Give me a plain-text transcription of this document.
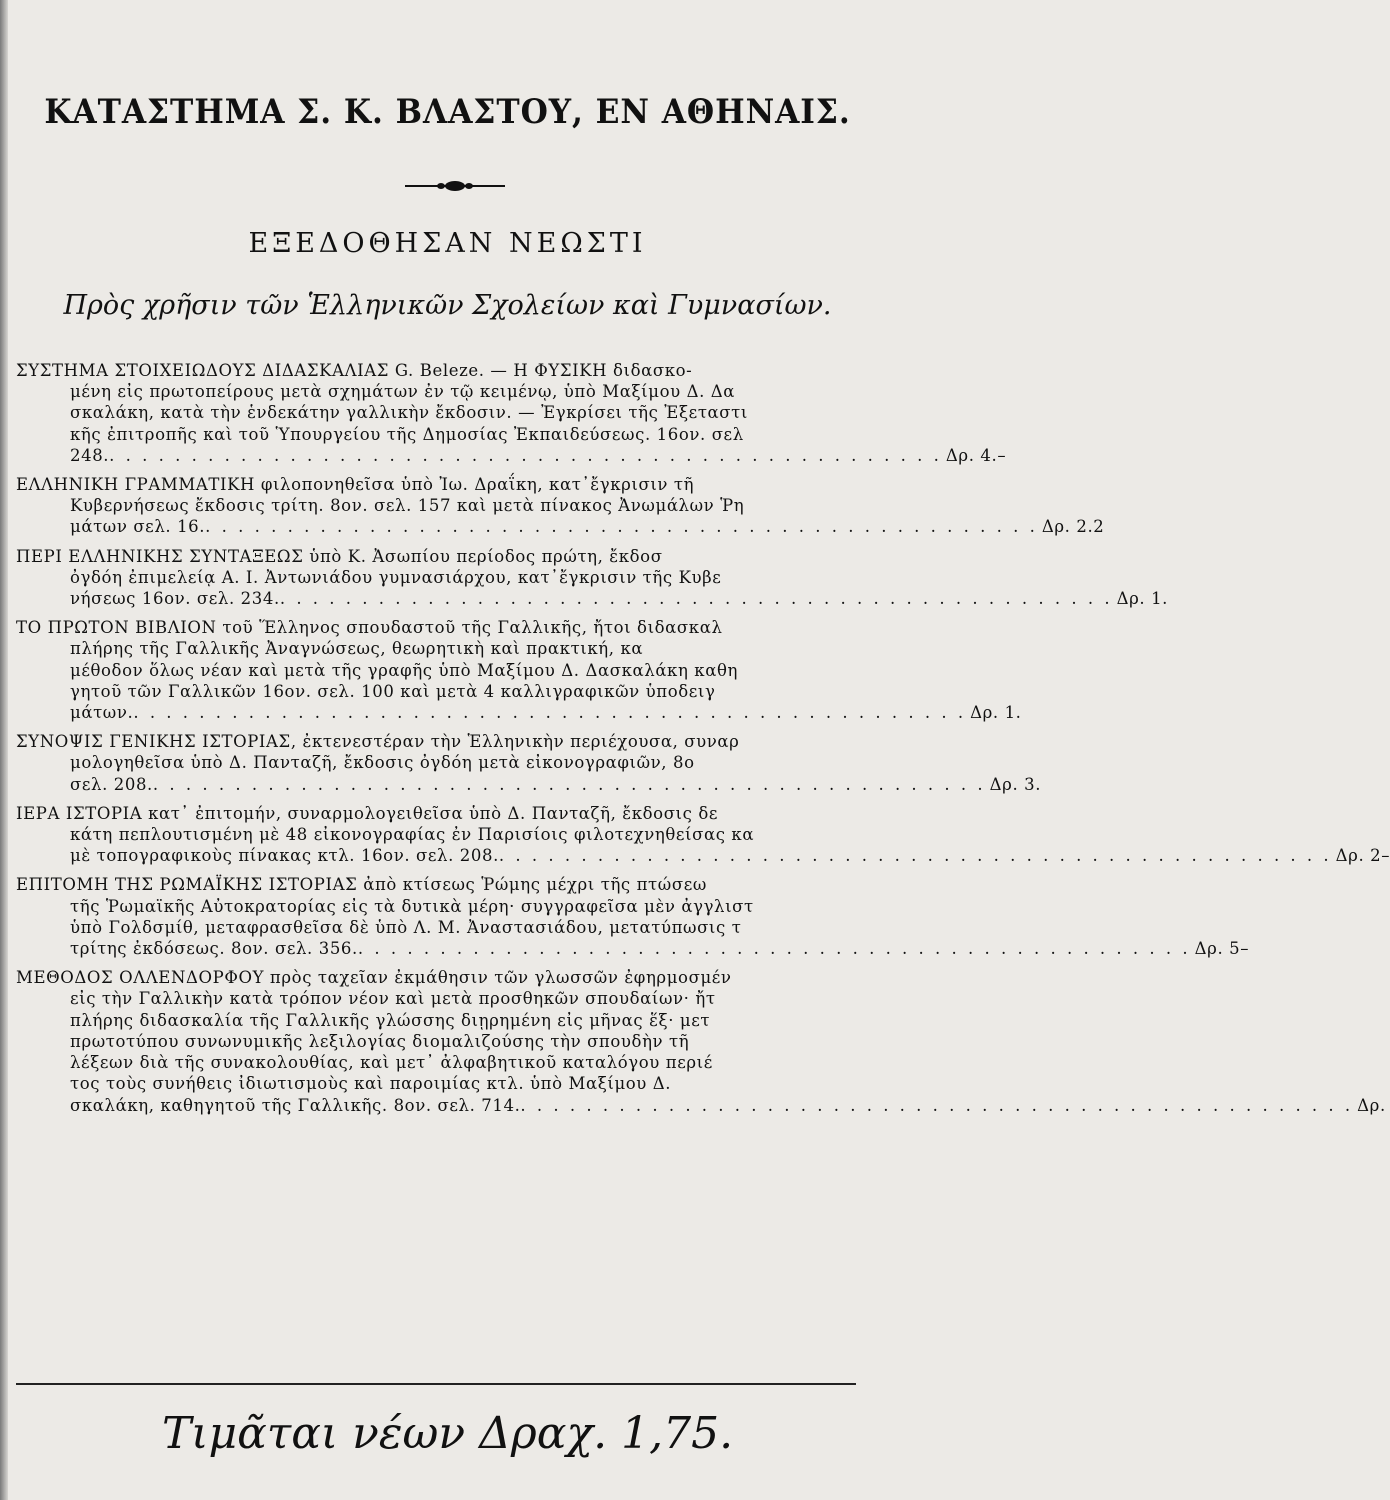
ΚΑΤΑΣΤΗΜΑ Σ. Κ. ΒΛΑΣΤΟΥ, ΕΝ ΑΘΗΝΑΙΣ.
ΕΞΕΔΟΘΗΣΑΝ ΝΕΩΣΤΙ
Πρὸς χρῆσιν τῶν Ἑλληνικῶν Σχολείων καὶ Γυμνασίων.
ΣΥΣΤΗΜΑ ΣΤΟΙΧΕΙΩΔΟΥΣ ΔΙΔΑΣΚΑΛΙΑΣ G. Beleze. — Η ΦΥΣΙΚΗ διδασκο-
μένη εἰς πρωτοπείρους μετὰ σχημάτων ἐν τῷ κειμένῳ, ὑπὸ Μαξίμου Δ. Δα
σκαλάκη, κατὰ τὴν ἑνδεκάτην γαλλικὴν ἔκδοσιν. — Ἐγκρίσει τῆς Ἐξεταστι
κῆς ἐπιτροπῆς καὶ τοῦ Ὑπουργείου τῆς Δημοσίας Ἐκπαιδεύσεως. 16ον. σελ
248. . . . . . . . . . . . . . . . . . . . . . . . . . . . . . . . . . . . . . . . . . . . . . . . . . . . Δρ. 4.–
ΕΛΛΗΝΙΚΗ ΓΡΑΜΜΑΤΙΚΗ φιλοπονηθεῖσα ὑπὸ Ἰω. Δραΐκη, κατ᾽ἔγκρισιν τῆ
Κυβερνήσεως ἔκδοσις τρίτη. 8ον. σελ. 157 καὶ μετὰ πίνακος Ἀνωμάλων Ῥη
μάτων σελ. 16. . . . . . . . . . . . . . . . . . . . . . . . . . . . . . . . . . . . . . . . . . . . . . . . . . . . Δρ. 2.2
ΠΕΡΙ ΕΛΛΗΝΙΚΗΣ ΣΥΝΤΑΞΕΩΣ ὑπὸ Κ. Ἀσωπίου περίοδος πρώτη, ἔκδοσ
ὀγδόη ἐπιμελείᾳ Α. Ι. Ἀντωνιάδου γυμνασιάρχου, κατ᾽ἔγκρισιν τῆς Κυβε
νήσεως 16ον. σελ. 234. . . . . . . . . . . . . . . . . . . . . . . . . . . . . . . . . . . . . . . . . . . . . . . . . . . . Δρ. 1.
ΤΟ ΠΡΩΤΟΝ ΒΙΒΛΙΟΝ τοῦ Ἕλληνος σπουδαστοῦ τῆς Γαλλικῆς, ἤτοι διδασκαλ
πλήρης τῆς Γαλλικῆς Ἀναγνώσεως, θεωρητικὴ καὶ πρακτική, κα
μέθοδον ὅλως νέαν καὶ μετὰ τῆς γραφῆς ὑπὸ Μαξίμου Δ. Δασκαλάκη καθη
γητοῦ τῶν Γαλλικῶν 16ον. σελ. 100 καὶ μετὰ 4 καλλιγραφικῶν ὑποδειγ
μάτων. . . . . . . . . . . . . . . . . . . . . . . . . . . . . . . . . . . . . . . . . . . . . . . . . . . . Δρ. 1.
ΣΥΝΟΨΙΣ ΓΕΝΙΚΗΣ ΙΣΤΟΡΙΑΣ, ἐκτενεστέραν τὴν Ἑλληνικὴν περιέχουσα, συναρ
μολογηθεῖσα ὑπὸ Δ. Πανταζῆ, ἔκδοσις ὀγδόη μετὰ εἰκονογραφιῶν, 8ο
σελ. 208. . . . . . . . . . . . . . . . . . . . . . . . . . . . . . . . . . . . . . . . . . . . . . . . . . . . Δρ. 3.
ΙΕΡΑ ΙΣΤΟΡΙΑ κατ᾽ ἐπιτομήν, συναρμολογειθεῖσα ὑπὸ Δ. Πανταζῆ, ἔκδοσις δε
κάτη πεπλουτισμένη μὲ 48 εἰκονογραφίας ἐν Παρισίοις φιλοτεχνηθείσας κα
μὲ τοπογραφικοὺς πίνακας κτλ. 16ον. σελ. 208. . . . . . . . . . . . . . . . . . . . . . . . . . . . . . . . . . . . . . . . . . . . . . . . . . . . Δρ. 2–
ΕΠΙΤΟΜΗ ΤΗΣ ΡΩΜΑΪΚΗΣ ΙΣΤΟΡΙΑΣ ἀπὸ κτίσεως Ῥώμης μέχρι τῆς πτώσεω
τῆς Ῥωμαϊκῆς Αὐτοκρατορίας εἰς τὰ δυτικὰ μέρη· συγγραφεῖσα μὲν ἀγγλιστ
ὑπὸ Γολδσμίθ, μεταφρασθεῖσα δὲ ὑπὸ Λ. Μ. Ἀναστασιάδου, μετατύπωσις τ
τρίτης ἐκδόσεως. 8ον. σελ. 356. . . . . . . . . . . . . . . . . . . . . . . . . . . . . . . . . . . . . . . . . . . . . . . . . . . . Δρ. 5–
ΜΕΘΟΔΟΣ ΟΛΛΕΝΔΟΡΦΟΥ πρὸς ταχεῖαν ἐκμάθησιν τῶν γλωσσῶν ἐφηρμοσμέν
εἰς τὴν Γαλλικὴν κατὰ τρόπον νέον καὶ μετὰ προσθηκῶν σπουδαίων· ἤτ
πλήρης διδασκαλία τῆς Γαλλικῆς γλώσσης διῃρημένη εἰς μῆνας ἕξ· μετ
πρωτοτύπου συνωνυμικῆς λεξιλογίας διομαλιζούσης τὴν σπουδὴν τῆ
λέξεων διὰ τῆς συνακολουθίας, καὶ μετ᾽ ἀλφαβητικοῦ καταλόγου περιέ
τος τοὺς συνήθεις ἰδιωτισμοὺς καὶ παροιμίας κτλ. ὑπὸ Μαξίμου Δ.
σκαλάκη, καθηγητοῦ τῆς Γαλλικῆς. 8ον. σελ. 714. . . . . . . . . . . . . . . . . . . . . . . . . . . . . . . . . . . . . . . . . . . . . . . . . . . . Δρ.
Τιμᾶται νέων Δραχ. 1,75.
